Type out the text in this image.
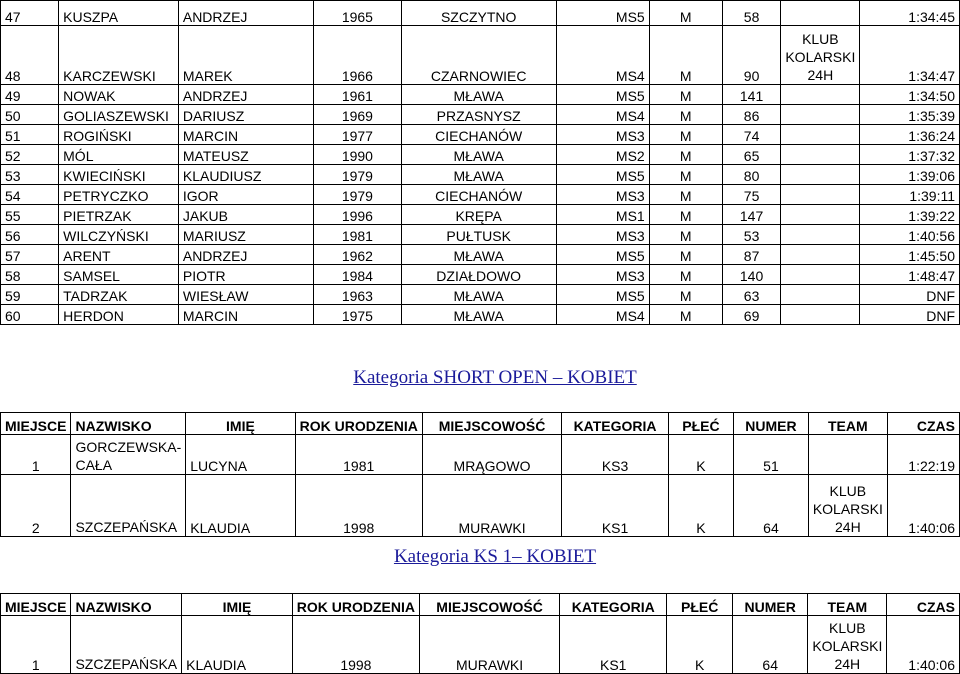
47	KUSZPA	ANDRZEJ	1965	SZCZYTNO	MS5	M	58		1:34:45
48	KARCZEWSKI	MAREK	1966	CZARNOWIEC	MS4	M	90	KLUB KOLARSKI 24H	1:34:47
49	NOWAK	ANDRZEJ	1961	MŁAWA	MS5	M	141		1:34:50
50	GOLIASZEWSKI	DARIUSZ	1969	PRZASNYSZ	MS4	M	86		1:35:39
51	ROGIŃSKI	MARCIN	1977	CIECHANÓW	MS3	M	74		1:36:24
52	MÓL	MATEUSZ	1990	MŁAWA	MS2	M	65		1:37:32
53	KWIECIŃSKI	KLAUDIUSZ	1979	MŁAWA	MS5	M	80		1:39:06
54	PETRYCZKO	IGOR	1979	CIECHANÓW	MS3	M	75		1:39:11
55	PIETRZAK	JAKUB	1996	KRĘPA	MS1	M	147		1:39:22
56	WILCZYŃSKI	MARIUSZ	1981	PUŁTUSK	MS3	M	53		1:40:56
57	ARENT	ANDRZEJ	1962	MŁAWA	MS5	M	87		1:45:50
58	SAMSEL	PIOTR	1984	DZIAŁDOWO	MS3	M	140		1:48:47
59	TADRZAK	WIESŁAW	1963	MŁAWA	MS5	M	63		DNF
60	HERDON	MARCIN	1975	MŁAWA	MS4	M	69		DNF
Kategoria SHORT OPEN – KOBIET
MIEJSCE	NAZWISKO	IMIĘ	ROK URODZENIA	MIEJSCOWOŚĆ	KATEGORIA	PŁEĆ	NUMER	TEAM	CZAS
1	GORCZEWSKA-CAŁA	LUCYNA	1981	MRĄGOWO	KS3	K	51		1:22:19
2	SZCZEPAŃSKA	KLAUDIA	1998	MURAWKI	KS1	K	64	KLUB KOLARSKI 24H	1:40:06
Kategoria KS 1– KOBIET
MIEJSCE	NAZWISKO	IMIĘ	ROK URODZENIA	MIEJSCOWOŚĆ	KATEGORIA	PŁEĆ	NUMER	TEAM	CZAS
1	SZCZEPAŃSKA	KLAUDIA	1998	MURAWKI	KS1	K	64	KLUB KOLARSKI 24H	1:40:06
